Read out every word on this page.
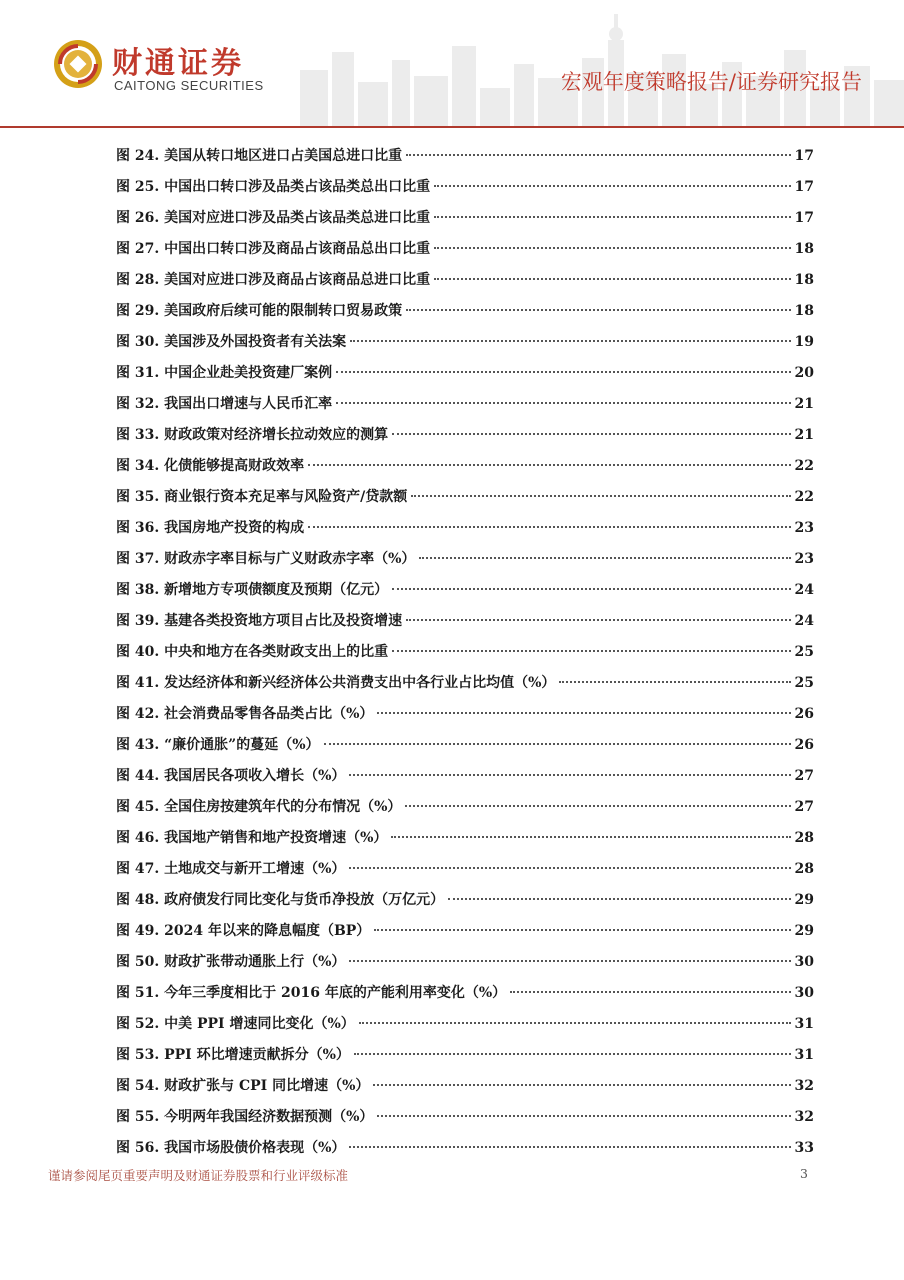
财通证券
CAITONG SECURITIES	宏观年度策略报告/证券研究报告
图 24. 美国从转口地区进口占美国总进口比重	17
图 25. 中国出口转口涉及品类占该品类总出口比重	17
图 26. 美国对应进口涉及品类占该品类总进口比重	17
图 27. 中国出口转口涉及商品占该商品总出口比重	18
图 28. 美国对应进口涉及商品占该商品总进口比重	18
图 29. 美国政府后续可能的限制转口贸易政策	18
图 30. 美国涉及外国投资者有关法案	19
图 31. 中国企业赴美投资建厂案例	20
图 32. 我国出口增速与人民币汇率	21
图 33. 财政政策对经济增长拉动效应的测算	21
图 34. 化债能够提高财政效率	22
图 35. 商业银行资本充足率与风险资产/贷款额	22
图 36. 我国房地产投资的构成	23
图 37. 财政赤字率目标与广义财政赤字率（%）	23
图 38. 新增地方专项债额度及预期（亿元）	24
图 39. 基建各类投资地方项目占比及投资增速	24
图 40. 中央和地方在各类财政支出上的比重	25
图 41. 发达经济体和新兴经济体公共消费支出中各行业占比均值（%）	25
图 42. 社会消费品零售各品类占比（%）	26
图 43. “廉价通胀”的蔓延（%）	26
图 44. 我国居民各项收入增长（%）	27
图 45. 全国住房按建筑年代的分布情况（%）	27
图 46. 我国地产销售和地产投资增速（%）	28
图 47. 土地成交与新开工增速（%）	28
图 48. 政府债发行同比变化与货币净投放（万亿元）	29
图 49. 2024 年以来的降息幅度（BP）	29
图 50. 财政扩张带动通胀上行（%）	30
图 51. 今年三季度相比于 2016 年底的产能利用率变化（%）	30
图 52. 中美 PPI 增速同比变化（%）	31
图 53. PPI 环比增速贡献拆分（%）	31
图 54. 财政扩张与 CPI 同比增速（%）	32
图 55. 今明两年我国经济数据预测（%）	32
图 56. 我国市场股债价格表现（%）	33
谨请参阅尾页重要声明及财通证券股票和行业评级标准	3
